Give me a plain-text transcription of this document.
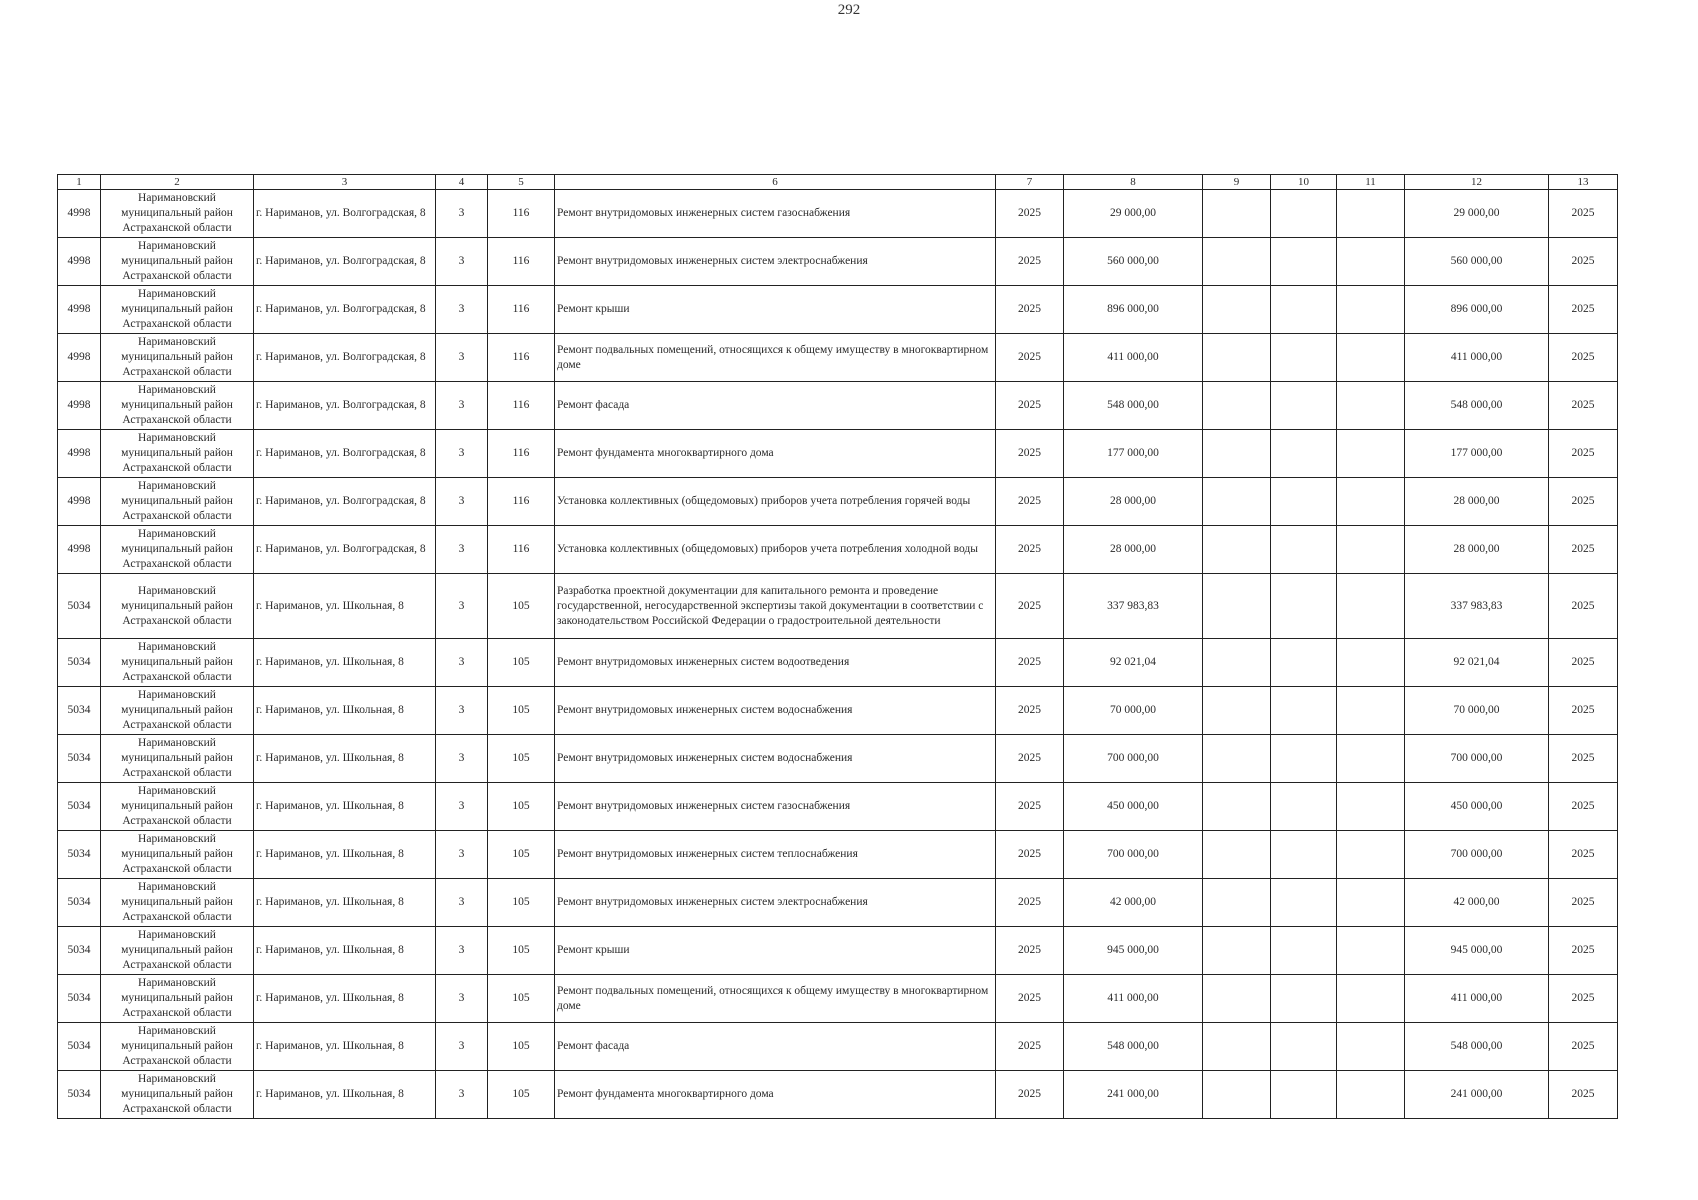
292
1	2	3	4	5	6	7	8	9	10	11	12	13
4998	Наримановский муниципальный район Астраханской области	г. Нариманов, ул. Волгоградская, 8	3	116	Ремонт внутридомовых инженерных систем газоснабжения	2025	29 000,00				29 000,00	2025
4998	Наримановский муниципальный район Астраханской области	г. Нариманов, ул. Волгоградская, 8	3	116	Ремонт внутридомовых инженерных систем электроснабжения	2025	560 000,00				560 000,00	2025
4998	Наримановский муниципальный район Астраханской области	г. Нариманов, ул. Волгоградская, 8	3	116	Ремонт крыши	2025	896 000,00				896 000,00	2025
4998	Наримановский муниципальный район Астраханской области	г. Нариманов, ул. Волгоградская, 8	3	116	Ремонт подвальных помещений, относящихся к общему имуществу в многоквартирном доме	2025	411 000,00				411 000,00	2025
4998	Наримановский муниципальный район Астраханской области	г. Нариманов, ул. Волгоградская, 8	3	116	Ремонт фасада	2025	548 000,00				548 000,00	2025
4998	Наримановский муниципальный район Астраханской области	г. Нариманов, ул. Волгоградская, 8	3	116	Ремонт фундамента многоквартирного дома	2025	177 000,00				177 000,00	2025
4998	Наримановский муниципальный район Астраханской области	г. Нариманов, ул. Волгоградская, 8	3	116	Установка коллективных (общедомовых) приборов учета потребления горячей воды	2025	28 000,00				28 000,00	2025
4998	Наримановский муниципальный район Астраханской области	г. Нариманов, ул. Волгоградская, 8	3	116	Установка коллективных (общедомовых) приборов учета потребления холодной воды	2025	28 000,00				28 000,00	2025
5034	Наримановский муниципальный район Астраханской области	г. Нариманов, ул. Школьная, 8	3	105	Разработка проектной документации для капитального ремонта и проведение государственной, негосударственной экспертизы такой документации в соответствии с законодательством Российской Федерации о градостроительной деятельности	2025	337 983,83				337 983,83	2025
5034	Наримановский муниципальный район Астраханской области	г. Нариманов, ул. Школьная, 8	3	105	Ремонт внутридомовых инженерных систем водоотведения	2025	92 021,04				92 021,04	2025
5034	Наримановский муниципальный район Астраханской области	г. Нариманов, ул. Школьная, 8	3	105	Ремонт внутридомовых инженерных систем водоснабжения	2025	70 000,00				70 000,00	2025
5034	Наримановский муниципальный район Астраханской области	г. Нариманов, ул. Школьная, 8	3	105	Ремонт внутридомовых инженерных систем водоснабжения	2025	700 000,00				700 000,00	2025
5034	Наримановский муниципальный район Астраханской области	г. Нариманов, ул. Школьная, 8	3	105	Ремонт внутридомовых инженерных систем газоснабжения	2025	450 000,00				450 000,00	2025
5034	Наримановский муниципальный район Астраханской области	г. Нариманов, ул. Школьная, 8	3	105	Ремонт внутридомовых инженерных систем теплоснабжения	2025	700 000,00				700 000,00	2025
5034	Наримановский муниципальный район Астраханской области	г. Нариманов, ул. Школьная, 8	3	105	Ремонт внутридомовых инженерных систем электроснабжения	2025	42 000,00				42 000,00	2025
5034	Наримановский муниципальный район Астраханской области	г. Нариманов, ул. Школьная, 8	3	105	Ремонт крыши	2025	945 000,00				945 000,00	2025
5034	Наримановский муниципальный район Астраханской области	г. Нариманов, ул. Школьная, 8	3	105	Ремонт подвальных помещений, относящихся к общему имуществу в многоквартирном доме	2025	411 000,00				411 000,00	2025
5034	Наримановский муниципальный район Астраханской области	г. Нариманов, ул. Школьная, 8	3	105	Ремонт фасада	2025	548 000,00				548 000,00	2025
5034	Наримановский муниципальный район Астраханской области	г. Нариманов, ул. Школьная, 8	3	105	Ремонт фундамента многоквартирного дома	2025	241 000,00				241 000,00	2025
